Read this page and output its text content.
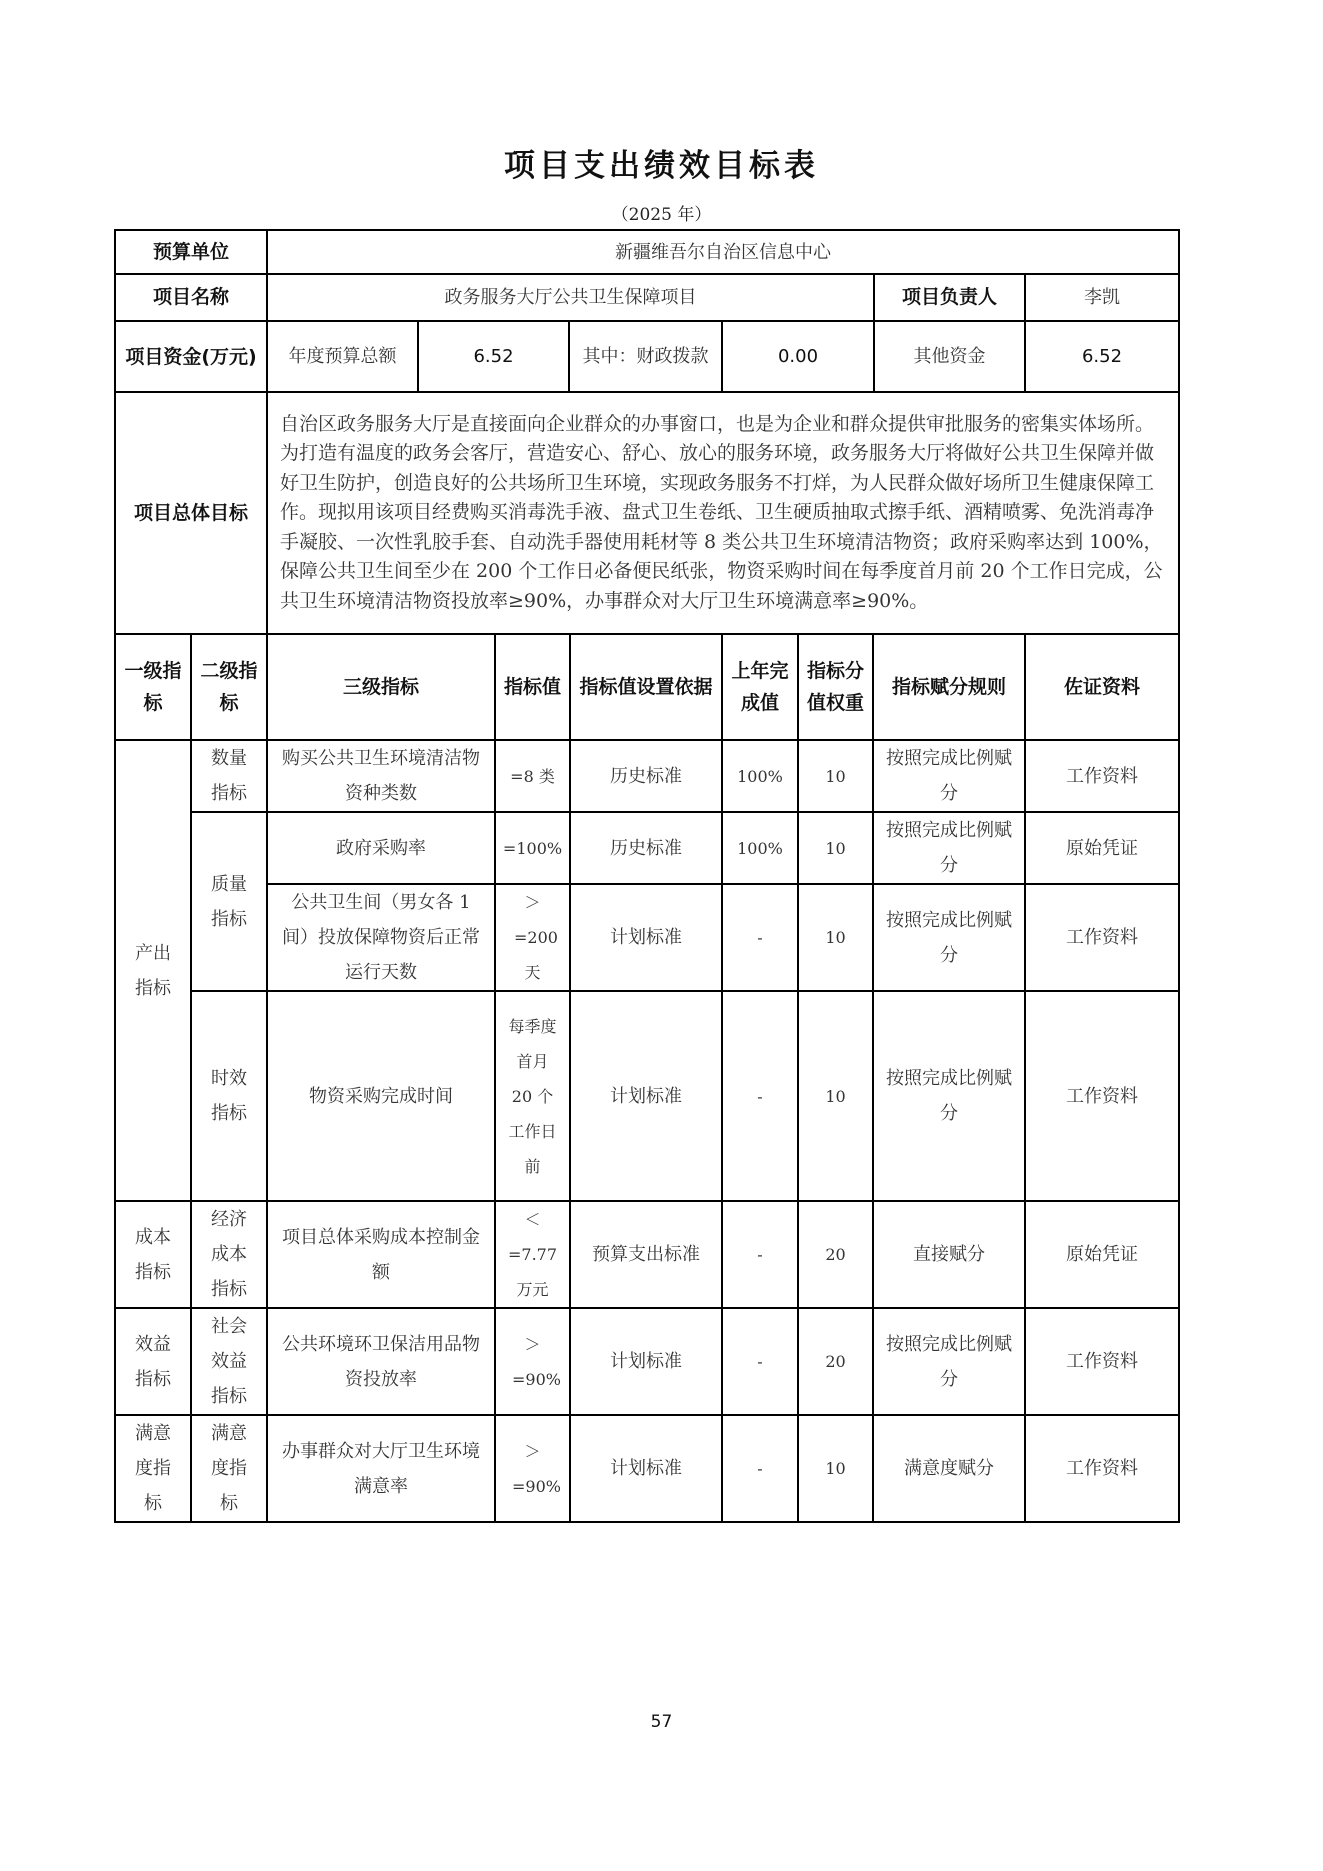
项目支出绩效目标表
（2025 年）
预算单位	新疆维吾尔自治区信息中心					
项目名称	政务服务大厅公共卫生保障项目				项目负责人	李凯
项目资金(万元)	年度预算总额	6.52	其中：财政拨款	0.00	其他资金	6.52
项目总体目标	自治区政务服务大厅是直接面向企业群众的办事窗口，也是为企业和群众提供审批服务的密集实体场所。为打造有温度的政务会客厅，营造安心、舒心、放心的服务环境，政务服务大厅将做好公共卫生保障并做好卫生防护，创造良好的公共场所卫生环境，实现政务服务不打烊，为人民群众做好场所卫生健康保障工作。现拟用该项目经费购买消毒洗手液、盘式卫生卷纸、卫生硬质抽取式擦手纸、酒精喷雾、免洗消毒净手凝胶、一次性乳胶手套、自动洗手器使用耗材等 8 类公共卫生环境清洁物资；政府采购率达到 100%，保障公共卫生间至少在 200 个工作日必备便民纸张，物资采购时间在每季度首月前 20 个工作日完成，公共卫生环境清洁物资投放率≥90%，办事群众对大厅卫生环境满意率≥90%。					
一级指标	二级指标	三级指标	指标值	指标值设置依据	上年完成值	指标分值权重	指标赋分规则	佐证资料
产出指标	数量指标	购买公共卫生环境清洁物资种类数	=8 类	历史标准	100%	10	按照完成比例赋分	工作资料
	质量指标	政府采购率	=100%	历史标准	100%	10	按照完成比例赋分	原始凭证
		公共卫生间（男女各 1 间）投放保障物资后正常运行天数	＞=200天	计划标准	-	10	按照完成比例赋分	工作资料
	时效指标	物资采购完成时间	每季度首月 20 个工作日前	计划标准	-	10	按照完成比例赋分	工作资料
成本指标	经济成本指标	项目总体采购成本控制金额	＜=7.77万元	预算支出标准	-	20	直接赋分	原始凭证
效益指标	社会效益指标	公共环境环卫保洁用品物资投放率	＞=90%	计划标准	-	20	按照完成比例赋分	工作资料
满意度指标	满意度指标	办事群众对大厅卫生环境满意率	＞=90%	计划标准	-	10	满意度赋分	工作资料
57
